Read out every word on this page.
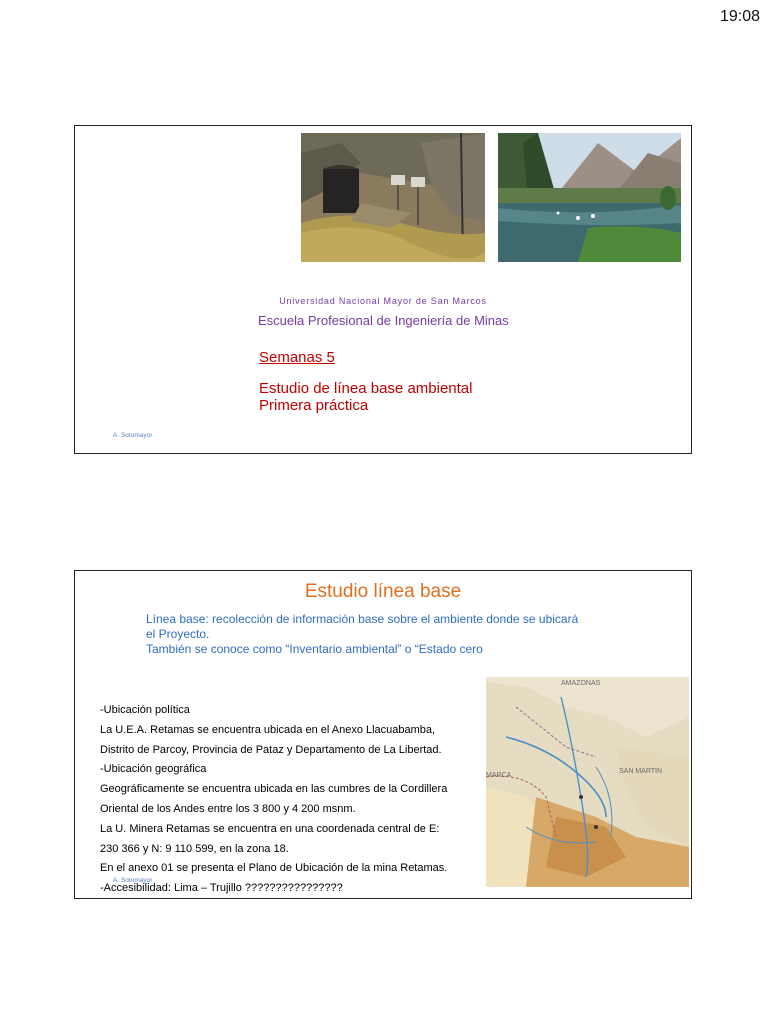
19:08
Universidad Nacional Mayor de San Marcos
Escuela Profesional de Ingeniería de Minas
Semanas 5
Estudio de línea base ambiental
Primera práctica
A. Sotomayor
Estudio línea base

Línea base: recolección de información base sobre el ambiente donde se ubicará

el Proyecto.

También se conoce como “Inventario ambiental” o “Estado cero

-Ubicación política

La U.E.A. Retamas se encuentra ubicada en el Anexo Llacuabamba,

Distrito de Parcoy, Provincia de Pataz y Departamento de La Libertad.

-Ubicación geográfica

Geográficamente se encuentra ubicada en las cumbres de la Cordillera

Oriental de los Andes entre los 3 800 y 4 200 msnm.

La U. Minera Retamas se encuentra en una coordenada central de E:

230 366 y N: 9 110 599, en la zona 18.

En el anexo 01 se presenta el Plano de Ubicación de la mina Retamas.

-Accesibilidad: Lima – Trujillo ????????????????

A. Sotomayor
AMAZONAS
SAN MARTIN
MARCA
